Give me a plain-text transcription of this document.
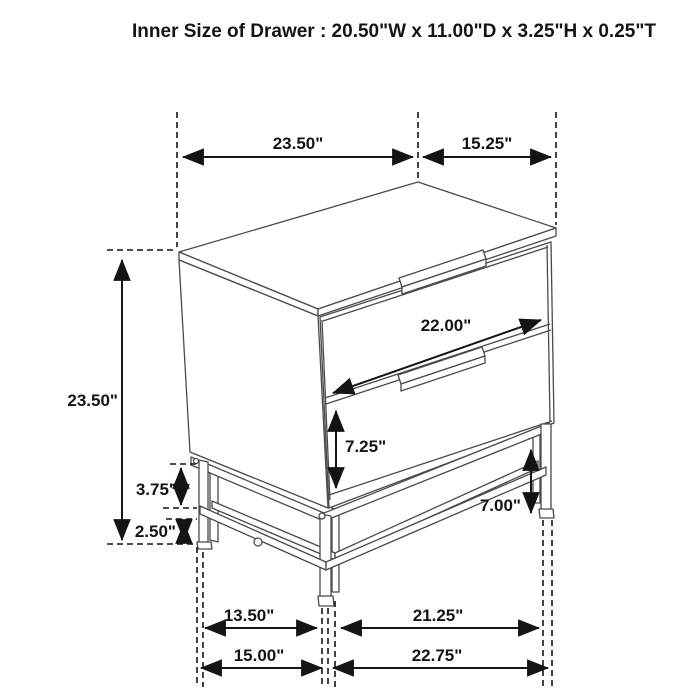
Inner Size of Drawer : 20.50"W x 11.00"D x 3.25"H x 0.25"T
23.50"	15.25"
23.50"
22.00"
7.25"
7.00"
3.75"
2.50"
13.50"	21.25"
15.00"	22.75"
